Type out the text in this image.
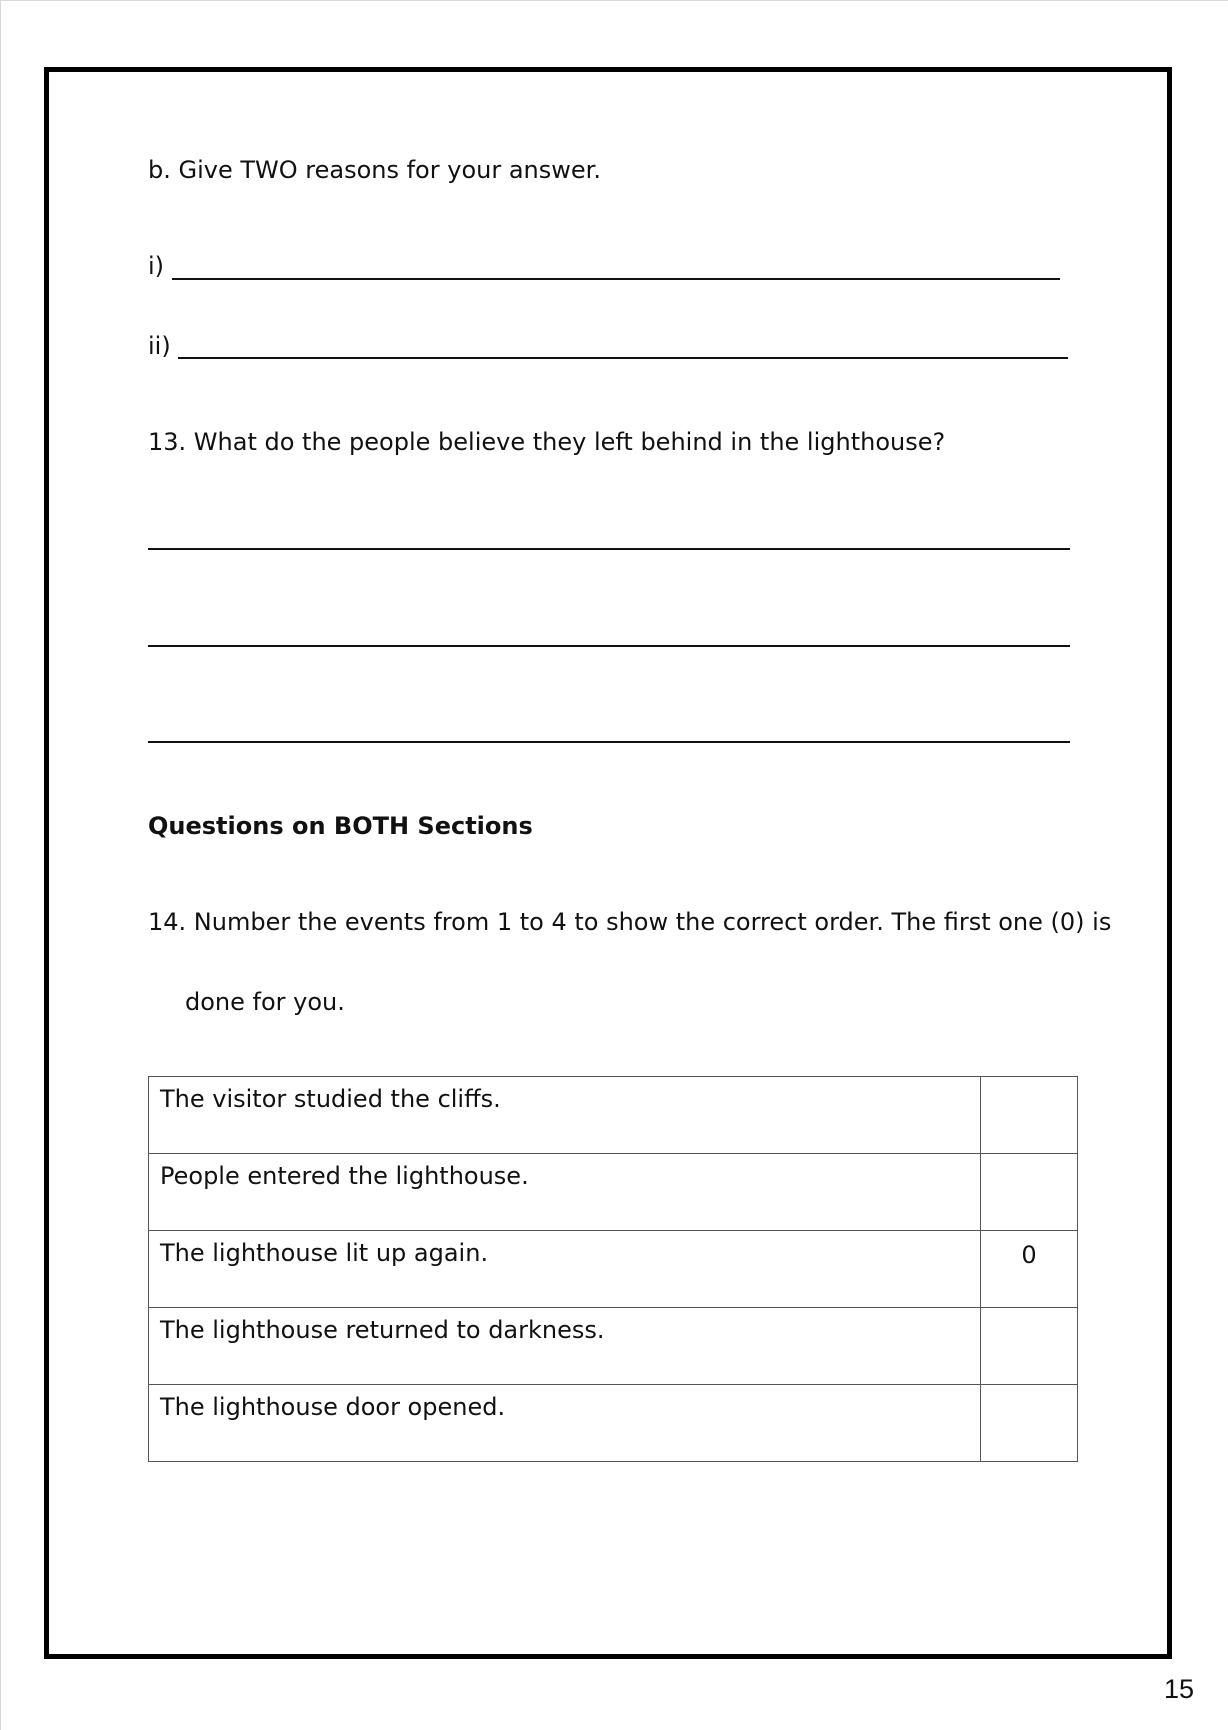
b. Give TWO reasons for your answer.
i)
ii)
13. What do the people believe they left behind in the lighthouse?
Questions on BOTH Sections
14. Number the events from 1 to 4 to show the correct order. The first one (0) is
done for you.
The visitor studied the cliffs.	
People entered the lighthouse.	
The lighthouse lit up again.	0
The lighthouse returned to darkness.	
The lighthouse door opened.	
15
